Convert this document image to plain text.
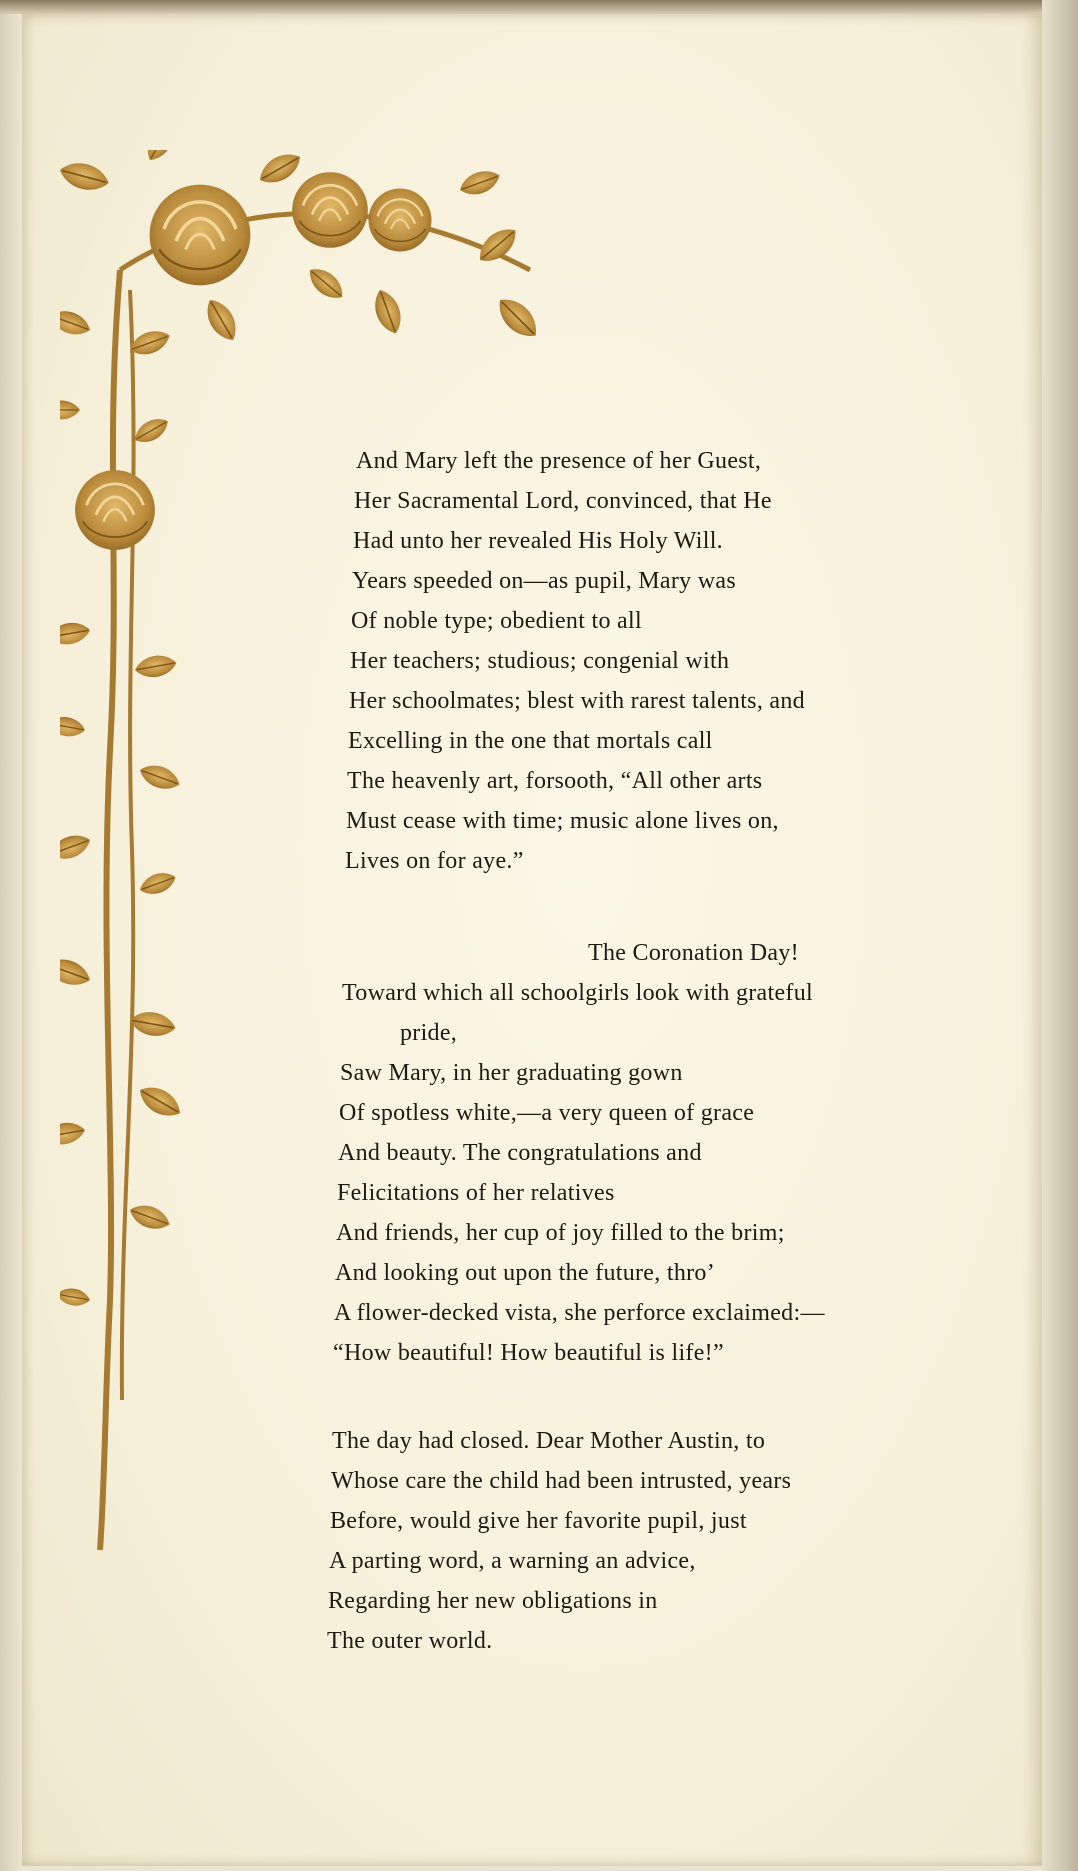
And Mary left the presence of her Guest,
Her Sacramental Lord, convinced, that He
Had unto her revealed His Holy Will.
Years speeded on—as pupil, Mary was
Of noble type; obedient to all
Her teachers; studious; congenial with
Her schoolmates; blest with rarest talents, and
Excelling in the one that mortals call
The heavenly art, forsooth, “All other arts
Must cease with time; music alone lives on,
Lives on for aye.”
The Coronation Day!
Toward which all schoolgirls look with grateful
pride,
Saw Mary, in her graduating gown
Of spotless white,—a very queen of grace
And beauty. The congratulations and
Felicitations of her relatives
And friends, her cup of joy filled to the brim;
And looking out upon the future, thro’
A flower-decked vista, she perforce exclaimed:—
“How beautiful! How beautiful is life!”
The day had closed. Dear Mother Austin, to
Whose care the child had been intrusted, years
Before, would give her favorite pupil, just
A parting word, a warning an advice,
Regarding her new obligations in
The outer world.
